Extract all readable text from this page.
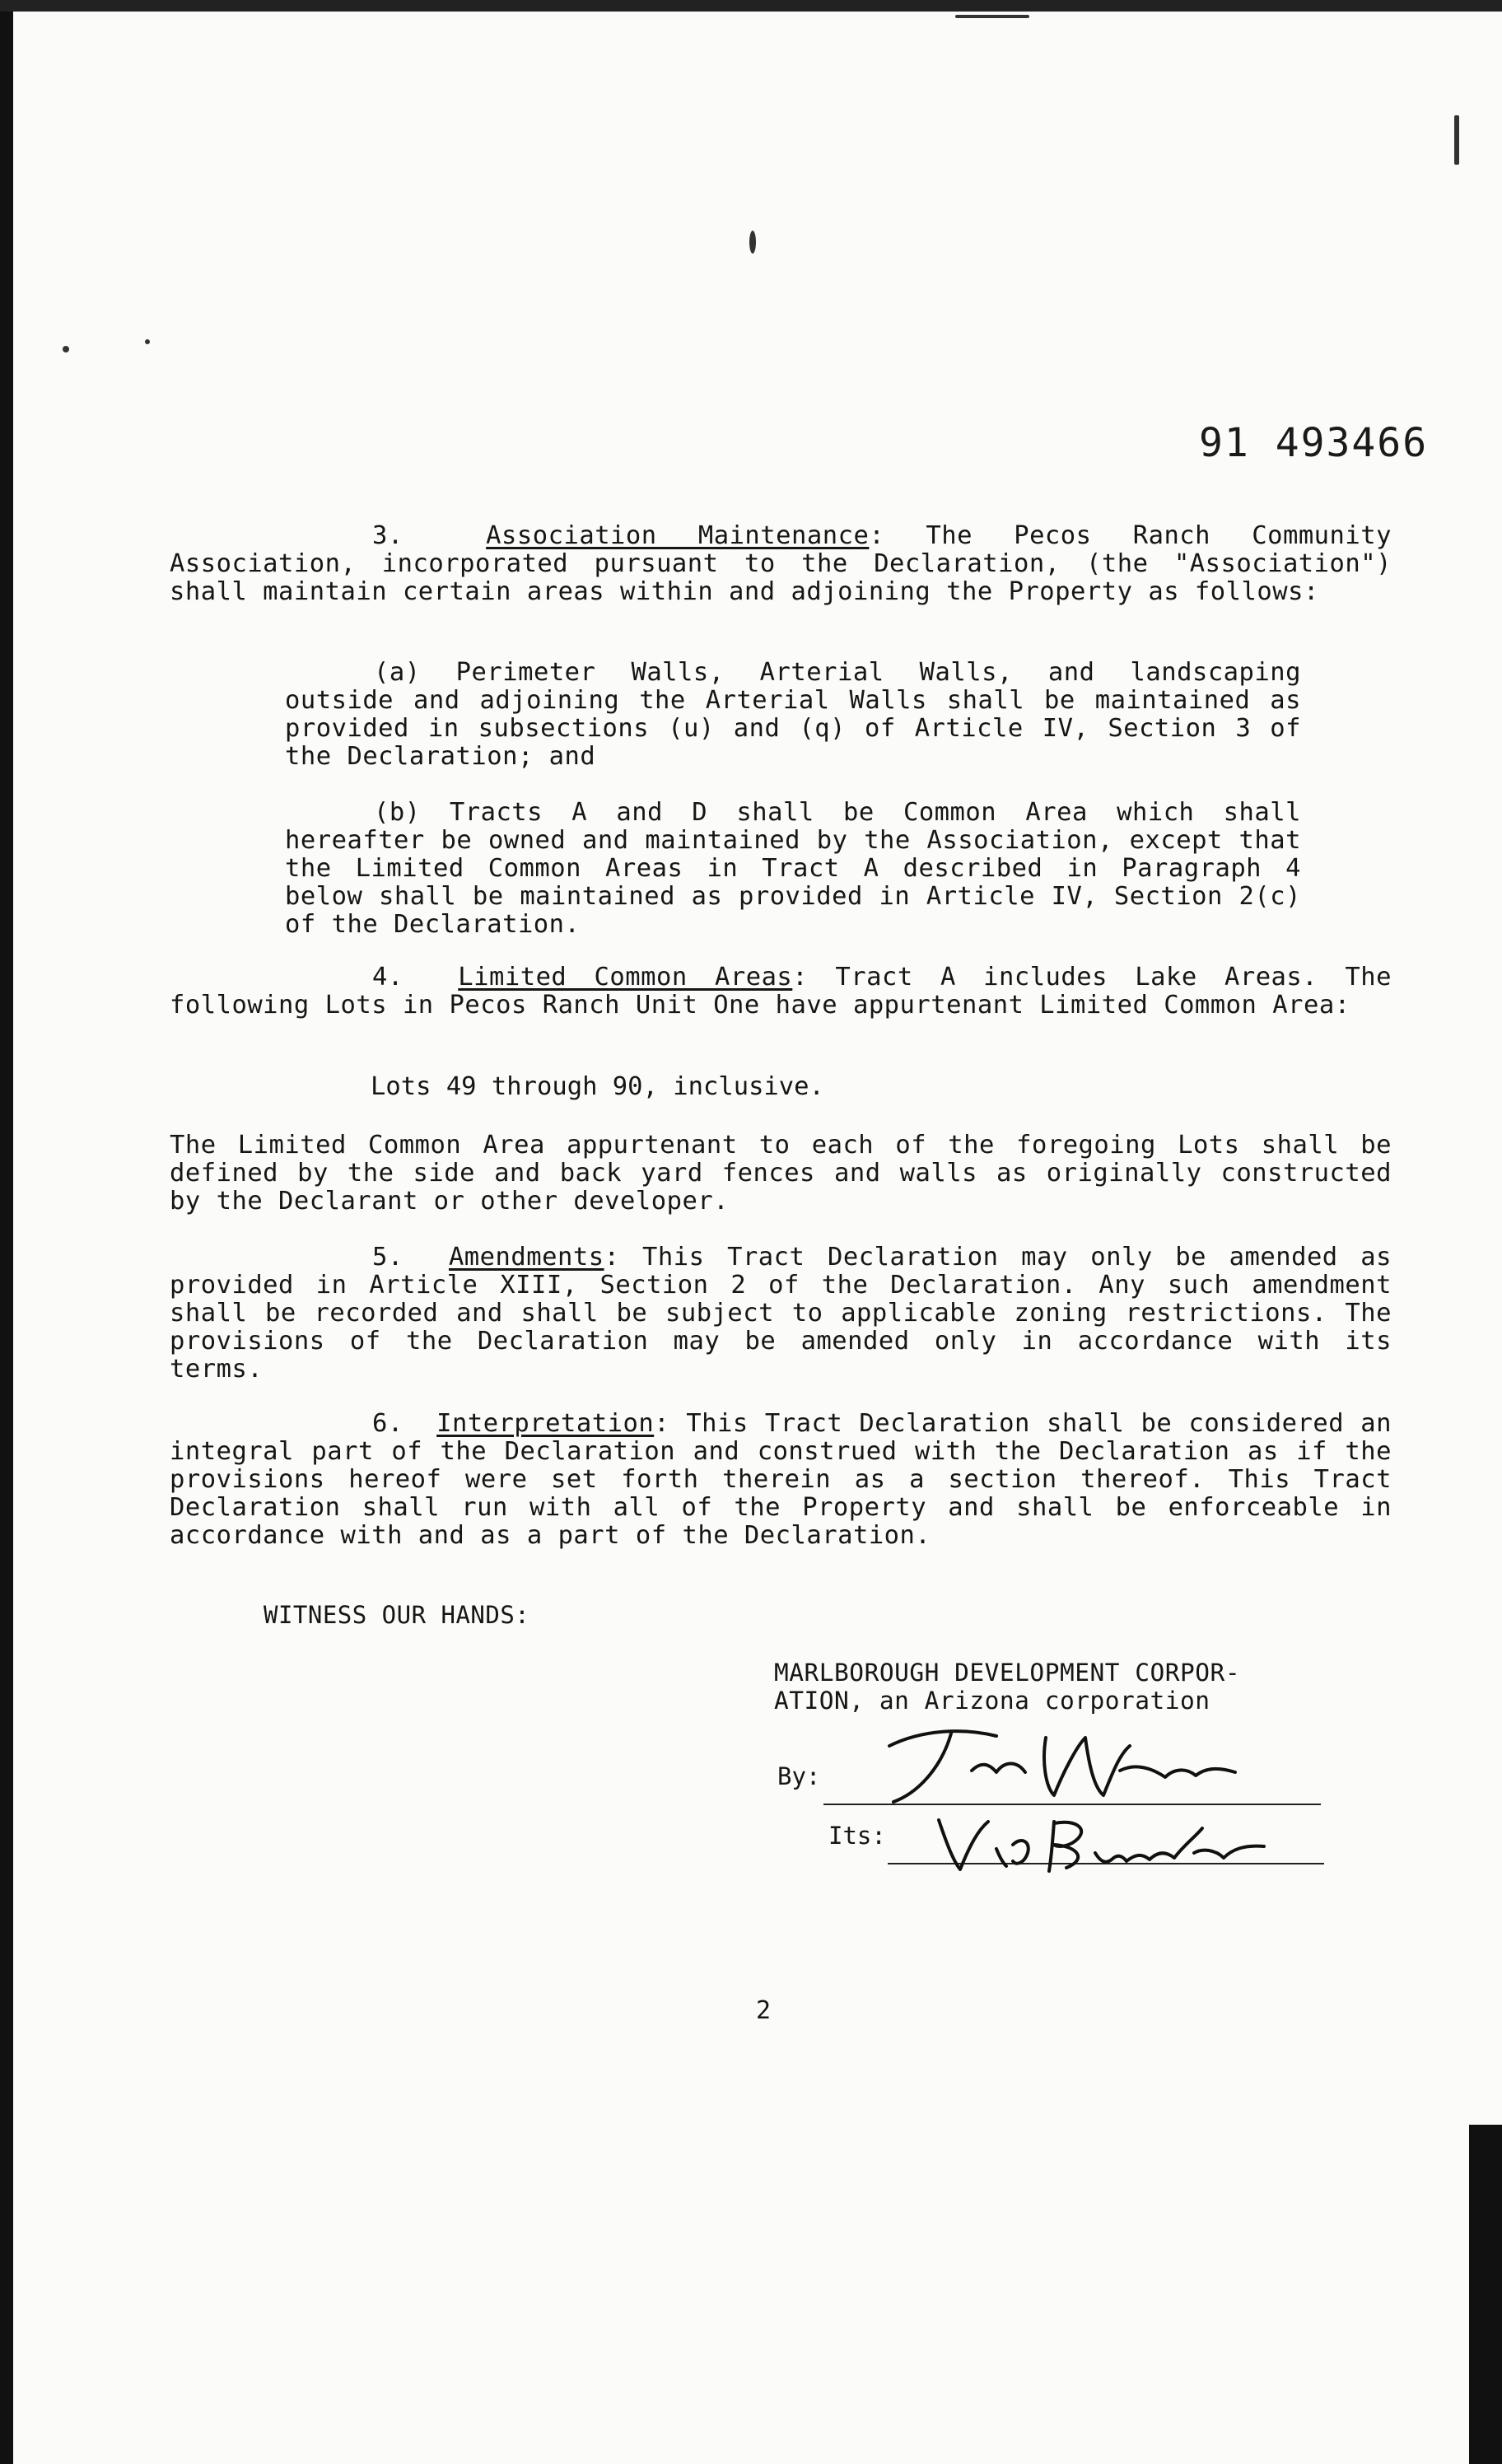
91 493466
3.	Association Maintenance: The Pecos Ranch Community Association, incorporated pursuant to the Declaration, (the "Association") shall maintain certain areas within and adjoining the Property as follows:
(a) Perimeter Walls, Arterial Walls, and landscaping outside and adjoining the Arterial Walls shall be maintained as provided in subsections (u) and (q) of Article IV, Section 3 of the Declaration; and
(b) Tracts A and D shall be Common Area which shall hereafter be owned and maintained by the Association, except that the Limited Common Areas in Tract A described in Paragraph 4 below shall be maintained as provided in Article IV, Section 2(c) of the Declaration.
4. Limited Common Areas: Tract A includes Lake Areas. The following Lots in Pecos Ranch Unit One have appurtenant Limited Common Area:
Lots 49 through 90, inclusive.
The Limited Common Area appurtenant to each of the foregoing Lots shall be defined by the side and back yard fences and walls as originally constructed by the Declarant or other developer.
5. Amendments: This Tract Declaration may only be amended as provided in Article XIII, Section 2 of the Declaration. Any such amendment shall be recorded and shall be subject to applicable zoning restrictions. The provisions of the Declaration may be amended only in accordance with its terms.
6. Interpretation: This Tract Declaration shall be considered an integral part of the Declaration and construed with the Declaration as if the provisions hereof were set forth therein as a section thereof. This Tract Declaration shall run with all of the Property and shall be enforceable in accordance with and as a part of the Declaration.
WITNESS OUR HANDS:
MARLBOROUGH DEVELOPMENT CORPOR-
ATION, an Arizona corporation
By:
Its:
2
